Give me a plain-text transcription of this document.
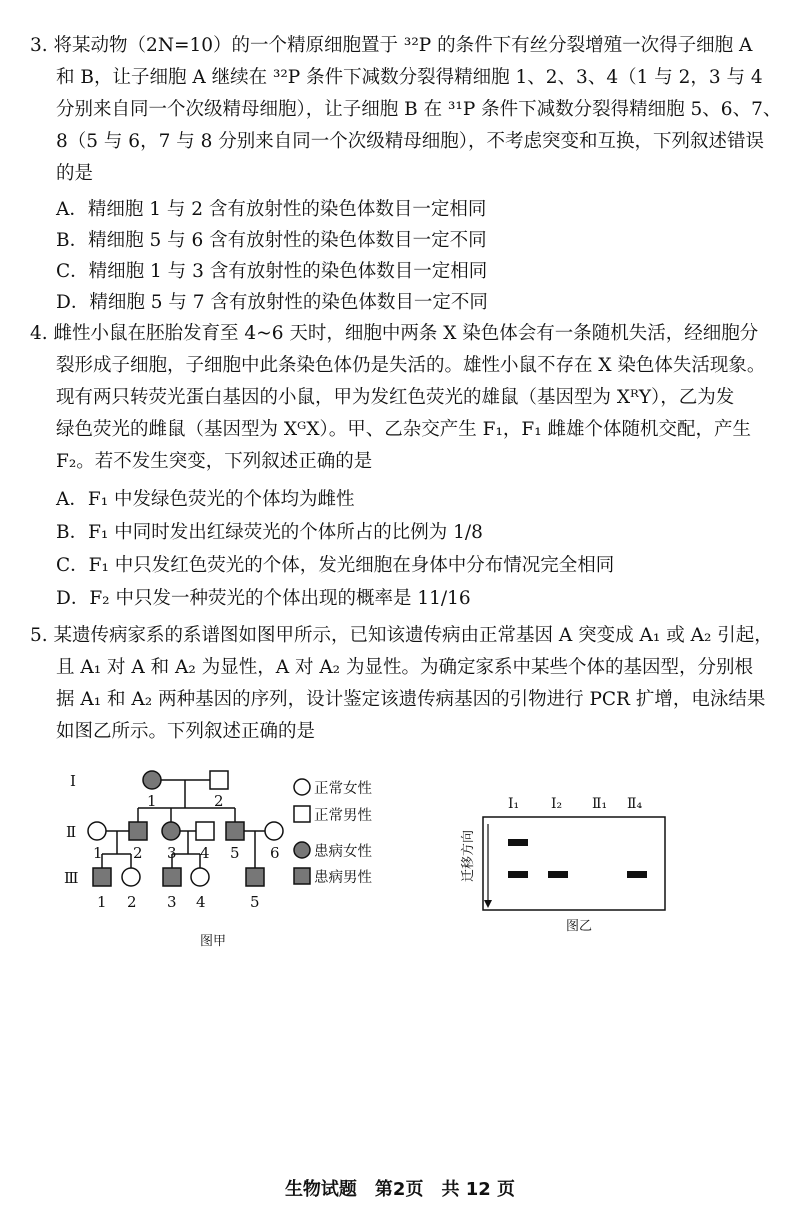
3. 将某动物（2N=10）的一个精原细胞置于 ³²P 的条件下有丝分裂增殖一次得子细胞 A
和 B，让子细胞 A 继续在 ³²P 条件下减数分裂得精细胞 1、2、3、4（1 与 2，3 与 4
分别来自同一个次级精母细胞），让子细胞 B 在 ³¹P 条件下减数分裂得精细胞 5、6、7、
8（5 与 6，7 与 8 分别来自同一个次级精母细胞），不考虑突变和互换，下列叙述错误
的是
A．精细胞 1 与 2 含有放射性的染色体数目一定相同
B．精细胞 5 与 6 含有放射性的染色体数目一定不同
C．精细胞 1 与 3 含有放射性的染色体数目一定相同
D．精细胞 5 与 7 含有放射性的染色体数目一定不同
4. 雌性小鼠在胚胎发育至 4~6 天时，细胞中两条 X 染色体会有一条随机失活，经细胞分
裂形成子细胞，子细胞中此条染色体仍是失活的。雄性小鼠不存在 X 染色体失活现象。
现有两只转荧光蛋白基因的小鼠，甲为发红色荧光的雄鼠（基因型为 XᴿY），乙为发
绿色荧光的雌鼠（基因型为 XᴳX）。甲、乙杂交产生 F₁，F₁ 雌雄个体随机交配，产生
F₂。若不发生突变，下列叙述正确的是
A．F₁ 中发绿色荧光的个体均为雌性
B．F₁ 中同时发出红绿荧光的个体所占的比例为 1/8
C．F₁ 中只发红色荧光的个体，发光细胞在身体中分布情况完全相同
D．F₂ 中只发一种荧光的个体出现的概率是 11/16
5. 某遗传病家系的系谱图如图甲所示，已知该遗传病由正常基因 A 突变成 A₁ 或 A₂ 引起，
且 A₁ 对 A 和 A₂ 为显性，A 对 A₂ 为显性。为确定家系中某些个体的基因型，分别根
据 A₁ 和 A₂ 两种基因的序列，设计鉴定该遗传病基因的引物进行 PCR 扩增，电泳结果
如图乙所示。下列叙述正确的是
Ⅰ
Ⅱ
Ⅲ
1	2
1 2 3 4 5 6
1 2 3 4	5
正常女性
正常男性
患病女性
患病男性
图甲
Ⅰ₁ Ⅰ₂ Ⅱ₁ Ⅱ₄
迁移方向
图乙
生物试题　第2页　共 12 页
